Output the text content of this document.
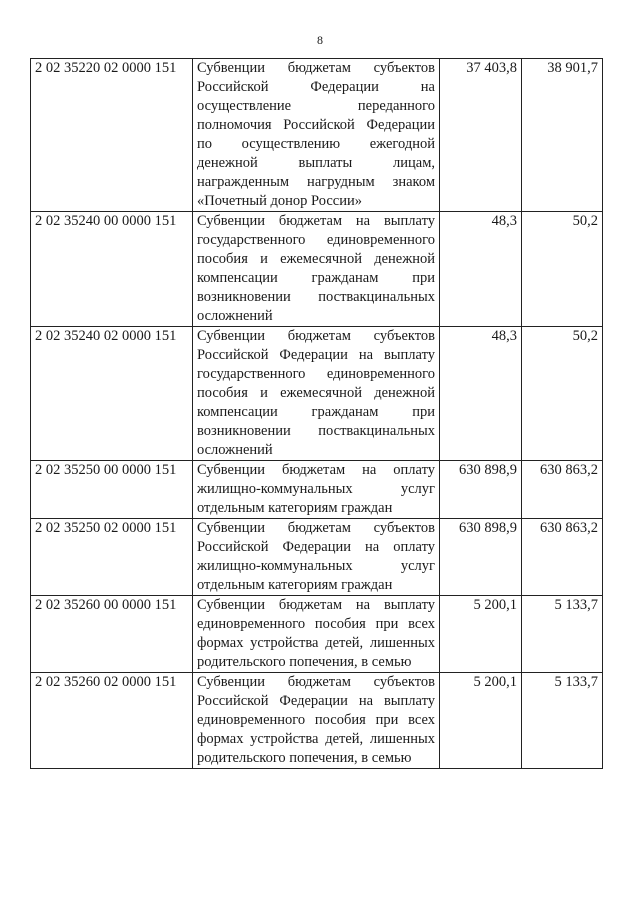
8
2 02 35220 02 0000 151	Субвенции бюджетам субъектов Российской Федерации на осуществление переданного полномочия Российской Федерации по осуществлению ежегодной денежной выплаты лицам, награжденным нагрудным знаком «Почетный донор России»	37 403,8	38 901,7
2 02 35240 00 0000 151	Субвенции бюджетам на выплату государственного единовременного пособия и ежемесячной денежной компенсации гражданам при возникновении поствакцинальных осложнений	48,3	50,2
2 02 35240 02 0000 151	Субвенции бюджетам субъектов Российской Федерации на выплату государственного единовременного пособия и ежемесячной денежной компенсации гражданам при возникновении поствакцинальных осложнений	48,3	50,2
2 02 35250 00 0000 151	Субвенции бюджетам на оплату жилищно-коммунальных услуг отдельным категориям граждан	630 898,9	630 863,2
2 02 35250 02 0000 151	Субвенции бюджетам субъектов Российской Федерации на оплату жилищно-коммунальных услуг отдельным категориям граждан	630 898,9	630 863,2
2 02 35260 00 0000 151	Субвенции бюджетам на выплату единовременного пособия при всех формах устройства детей, лишенных родительского попечения, в семью	5 200,1	5 133,7
2 02 35260 02 0000 151	Субвенции бюджетам субъектов Российской Федерации на выплату единовременного пособия при всех формах устройства детей, лишенных родительского попечения, в семью	5 200,1	5 133,7
